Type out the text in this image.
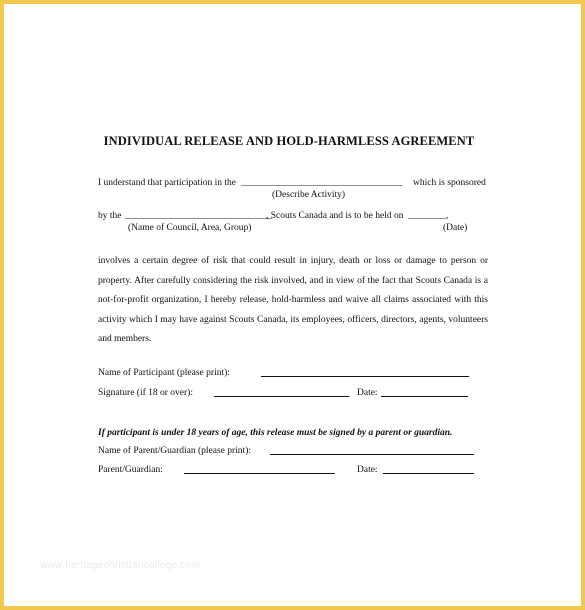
INDIVIDUAL RELEASE AND HOLD-HARMLESS AGREEMENT
I understand that participation in the __________________________________ which is sponsored
(Describe Activity)
by the _______________________________
, Scouts Canada and is to be held on ________,
(Name of Council, Area, Group)	(Date)
involves a certain degree of risk that could result in injury, death or loss or damage to person or property. After carefully considering the risk involved, and in view of the fact that Scouts Canada is a not-for-profit organization, I hereby release, hold-harmless and waive all claims associated with this activity which I may have against Scouts Canada, its employees, officers, directors, agents, volunteers and members.
Name of Participant (please print):
Signature (if 18 or over):	Date:
If participant is under 18 years of age, this release must be signed by a parent or guardian.
Name of Parent/Guardian (please print):
Parent/Guardian:	Date:
www.heritagechristiancollege.com
